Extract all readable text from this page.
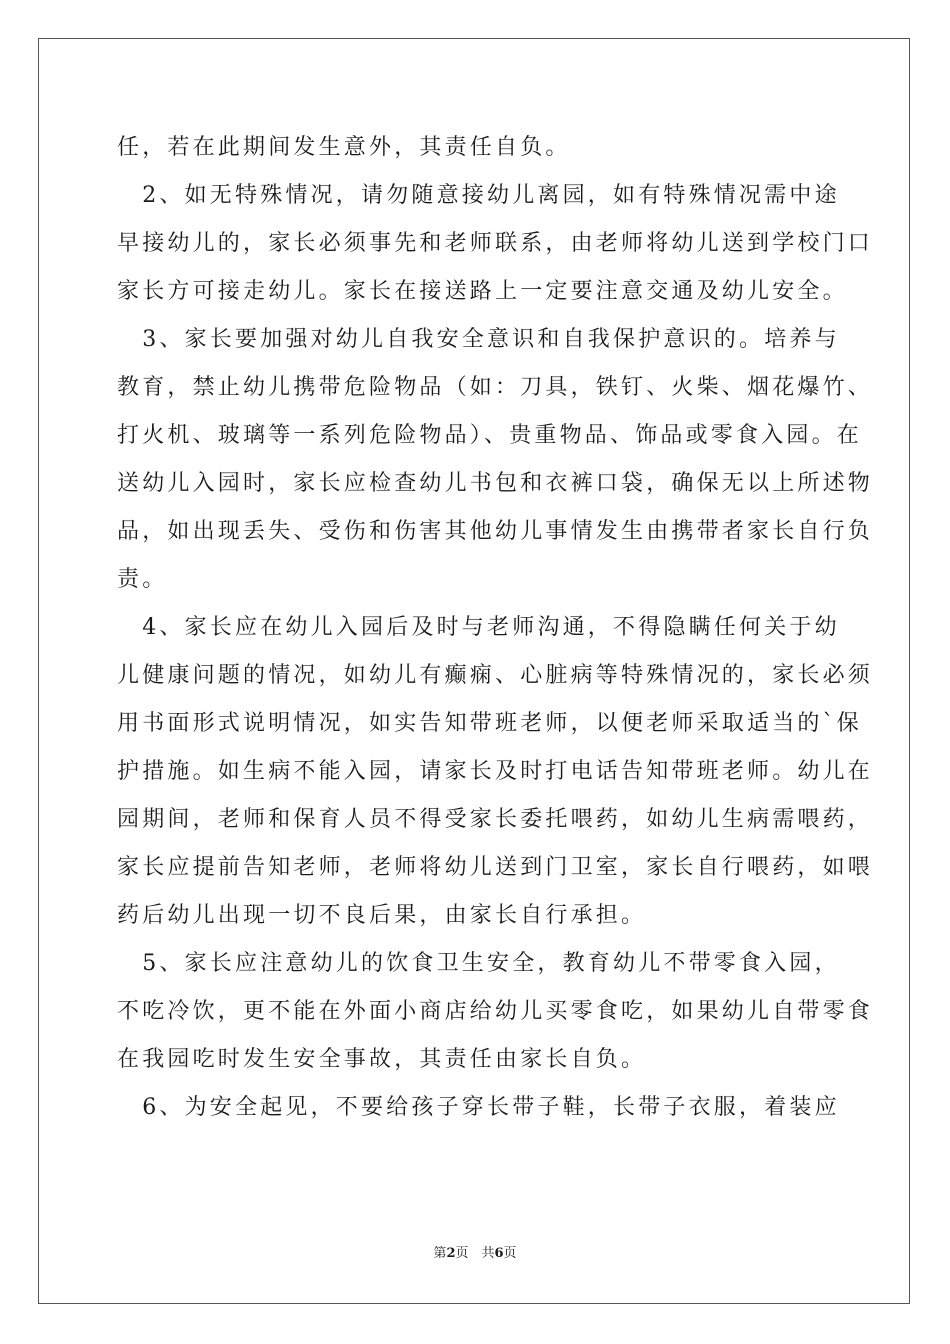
任，若在此期间发生意外，其责任自负。
　2、如无特殊情况，请勿随意接幼儿离园，如有特殊情况需中途
早接幼儿的，家长必须事先和老师联系，由老师将幼儿送到学校门口
家长方可接走幼儿。家长在接送路上一定要注意交通及幼儿安全。
　3、家长要加强对幼儿自我安全意识和自我保护意识的。培养与
教育，禁止幼儿携带危险物品（如：刀具，铁钉、火柴、烟花爆竹、
打火机、玻璃等一系列危险物品）、贵重物品、饰品或零食入园。在
送幼儿入园时，家长应检查幼儿书包和衣裤口袋，确保无以上所述物
品，如出现丢失、受伤和伤害其他幼儿事情发生由携带者家长自行负
责。
　4、家长应在幼儿入园后及时与老师沟通，不得隐瞒任何关于幼
儿健康问题的情况，如幼儿有癫痫、心脏病等特殊情况的，家长必须
用书面形式说明情况，如实告知带班老师，以便老师采取适当的`保
护措施。如生病不能入园，请家长及时打电话告知带班老师。幼儿在
园期间，老师和保育人员不得受家长委托喂药，如幼儿生病需喂药，
家长应提前告知老师，老师将幼儿送到门卫室，家长自行喂药，如喂
药后幼儿出现一切不良后果，由家长自行承担。
　5、家长应注意幼儿的饮食卫生安全，教育幼儿不带零食入园，
不吃冷饮，更不能在外面小商店给幼儿买零食吃，如果幼儿自带零食
在我园吃时发生安全事故，其责任由家长自负。
　6、为安全起见，不要给孩子穿长带子鞋，长带子衣服，着装应
第2页　共6页
